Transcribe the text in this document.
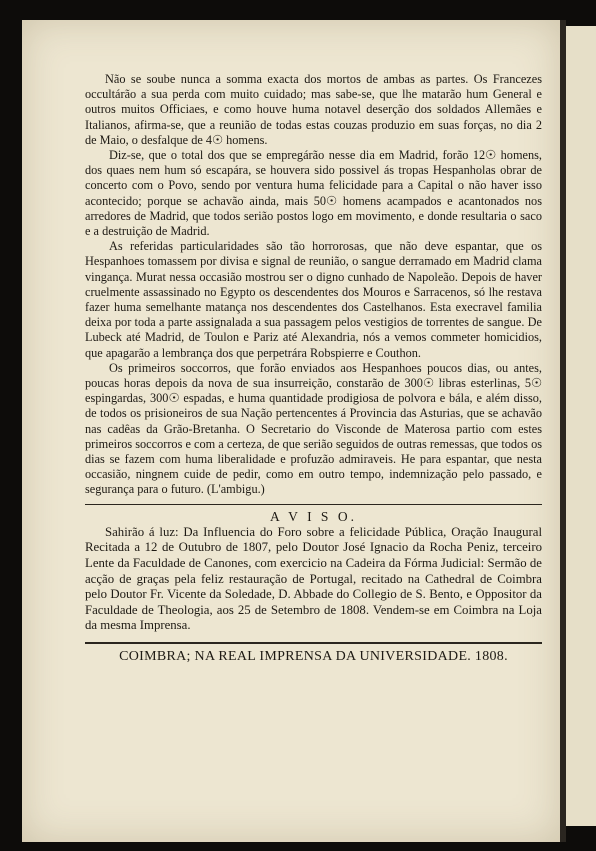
Não se soube nunca a somma exacta dos mortos de ambas as partes. Os Francezes occultárão a sua perda com muito cuidado; mas sabe-se, que lhe matarão hum General e outros muitos Officiaes, e como houve huma notavel deserção dos soldados Allemães e Italianos, afirma-se, que a reunião de todas estas couzas produzio em suas forças, no dia 2 de Maio, o desfalque de 4☉ homens.

Diz-se, que o total dos que se empregárão nesse dia em Madrid, forão 12☉ homens, dos quaes nem hum só escapára, se houvera sido possivel ás tropas Hespanholas obrar de concerto com o Povo, sendo por ventura huma felicidade para a Capital o não haver isso acontecido; porque se achavão ainda, mais 50☉ homens acampados e acantonados nos arredores de Madrid, que todos serião postos logo em movimento, e donde resultaria o saco e a destruição de Madrid.

As referidas particularidades são tão horrorosas, que não deve espantar, que os Hespanhoes tomassem por divisa e signal de reunião, o sangue derramado em Madrid clama vingança. Murat nessa occasião mostrou ser o digno cunhado de Napoleão. Depois de haver cruelmente assassinado no Egypto os descendentes dos Mouros e Sarracenos, só lhe restava fazer huma semelhante matança nos descendentes dos Castelhanos. Esta execravel familia deixa por toda a parte assignalada a sua passagem pelos vestigios de torrentes de sangue. De Lubeck até Madrid, de Toulon e Pariz até Alexandria, nós a vemos commeter homicidios, que apagarão a lembrança dos que perpetrára Robspierre e Couthon.

Os primeiros soccorros, que forão enviados aos Hespanhoes poucos dias, ou antes, poucas horas depois da nova de sua insurreição, constarão de 300☉ libras esterlinas, 5☉ espingardas, 300☉ espadas, e huma quantidade prodigiosa de polvora e bála, e além disso, de todos os prisioneiros de sua Nação pertencentes á Provincia das Asturias, que se achavão nas cadêas da Grão-Bretanha. O Secretario do Visconde de Materosa partio com estes primeiros soccorros e com a certeza, de que serião seguidos de outras remessas, que todos os dias se fazem com huma liberalidade e profuzão admiraveis. He para espantar, que nesta occasião, ningnem cuide de pedir, como em outro tempo, indemnização pelo passado, e segurança para o futuro. (L'ambigu.)

A V I S O.

Sahirão á luz: Da Influencia do Foro sobre a felicidade Pública, Oração Inaugural Recitada a 12 de Outubro de 1807, pelo Doutor José Ignacio da Rocha Peniz, terceiro Lente da Faculdade de Canones, com exercicio na Cadeira da Fórma Judicial: Sermão de acção de graças pela feliz restauração de Portugal, recitado na Cathedral de Coimbra pelo Doutor Fr. Vicente da Soledade, D. Abbade do Collegio de S. Bento, e Oppositor da Faculdade de Theologia, aos 25 de Setembro de 1808. Vendem-se em Coimbra na Loja da mesma Imprensa.

COIMBRA; NA REAL IMPRENSA DA UNIVERSIDADE. 1808.
